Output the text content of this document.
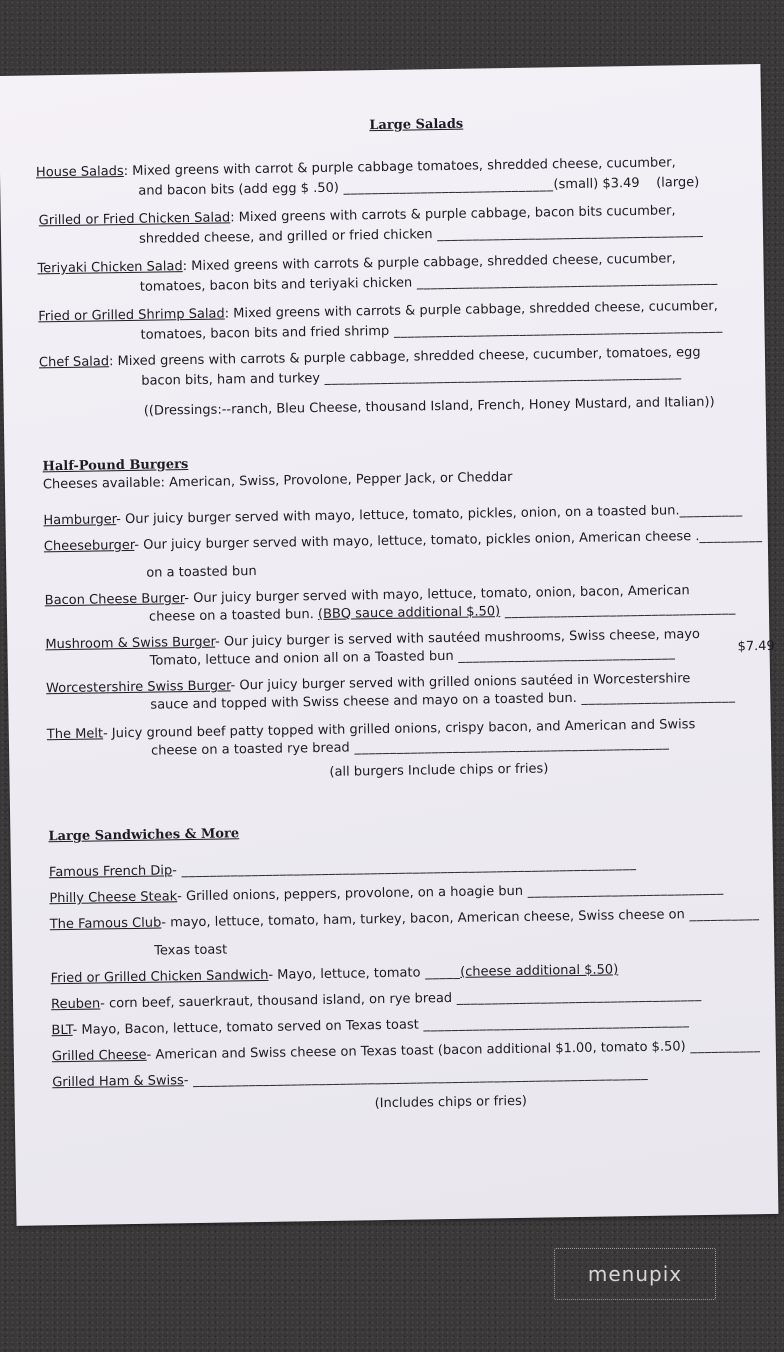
Large Salads
House Salads: Mixed greens with carrot & purple cabbage tomatoes, shredded cheese, cucumber,
and bacon bits (add egg $ .50) ______________________________(small) $3.49 (large)
Grilled or Fried Chicken Salad: Mixed greens with carrots & purple cabbage, bacon bits cucumber,
shredded cheese, and grilled or fried chicken ______________________________________
Teriyaki Chicken Salad: Mixed greens with carrots & purple cabbage, shredded cheese, cucumber,
tomatoes, bacon bits and teriyaki chicken ___________________________________________
Fried or Grilled Shrimp Salad: Mixed greens with carrots & purple cabbage, shredded cheese, cucumber,
tomatoes, bacon bits and fried shrimp _______________________________________________
Chef Salad: Mixed greens with carrots & purple cabbage, shredded cheese, cucumber, tomatoes, egg
bacon bits, ham and turkey ___________________________________________________
((Dressings:--ranch, Bleu Cheese, thousand Island, French, Honey Mustard, and Italian))
Half-Pound Burgers
Cheeses available: American, Swiss, Provolone, Pepper Jack, or Cheddar
Hamburger- Our juicy burger served with mayo, lettuce, tomato, pickles, onion, on a toasted bun._________
Cheeseburger- Our juicy burger served with mayo, lettuce, tomato, pickles onion, American cheese ._________
on a toasted bun
Bacon Cheese Burger- Our juicy burger served with mayo, lettuce, tomato, onion, bacon, American
cheese on a toasted bun. (BBQ sauce additional $.50) _________________________________
Mushroom & Swiss Burger- Our juicy burger is served with sautéed mushrooms, Swiss cheese, mayo
Tomato, lettuce and onion all on a Toasted bun _______________________________	$7.49
Worcestershire Swiss Burger- Our juicy burger served with grilled onions sautéed in Worcestershire
sauce and topped with Swiss cheese and mayo on a toasted bun. ______________________
The Melt- Juicy ground beef patty topped with grilled onions, crispy bacon, and American and Swiss
cheese on a toasted rye bread _____________________________________________
(all burgers Include chips or fries)
Large Sandwiches & More
Famous French Dip- _________________________________________________________________
Philly Cheese Steak- Grilled onions, peppers, provolone, on a hoagie bun ____________________________
The Famous Club- mayo, lettuce, tomato, ham, turkey, bacon, American cheese, Swiss cheese on __________
Texas toast
Fried or Grilled Chicken Sandwich- Mayo, lettuce, tomato _____(cheese additional $.50)
Reuben- corn beef, sauerkraut, thousand island, on rye bread ___________________________________
BLT- Mayo, Bacon, lettuce, tomato served on Texas toast ______________________________________
Grilled Cheese- American and Swiss cheese on Texas toast (bacon additional $1.00, tomato $.50) __________
Grilled Ham & Swiss- _________________________________________________________________
(Includes chips or fries)
menupix
